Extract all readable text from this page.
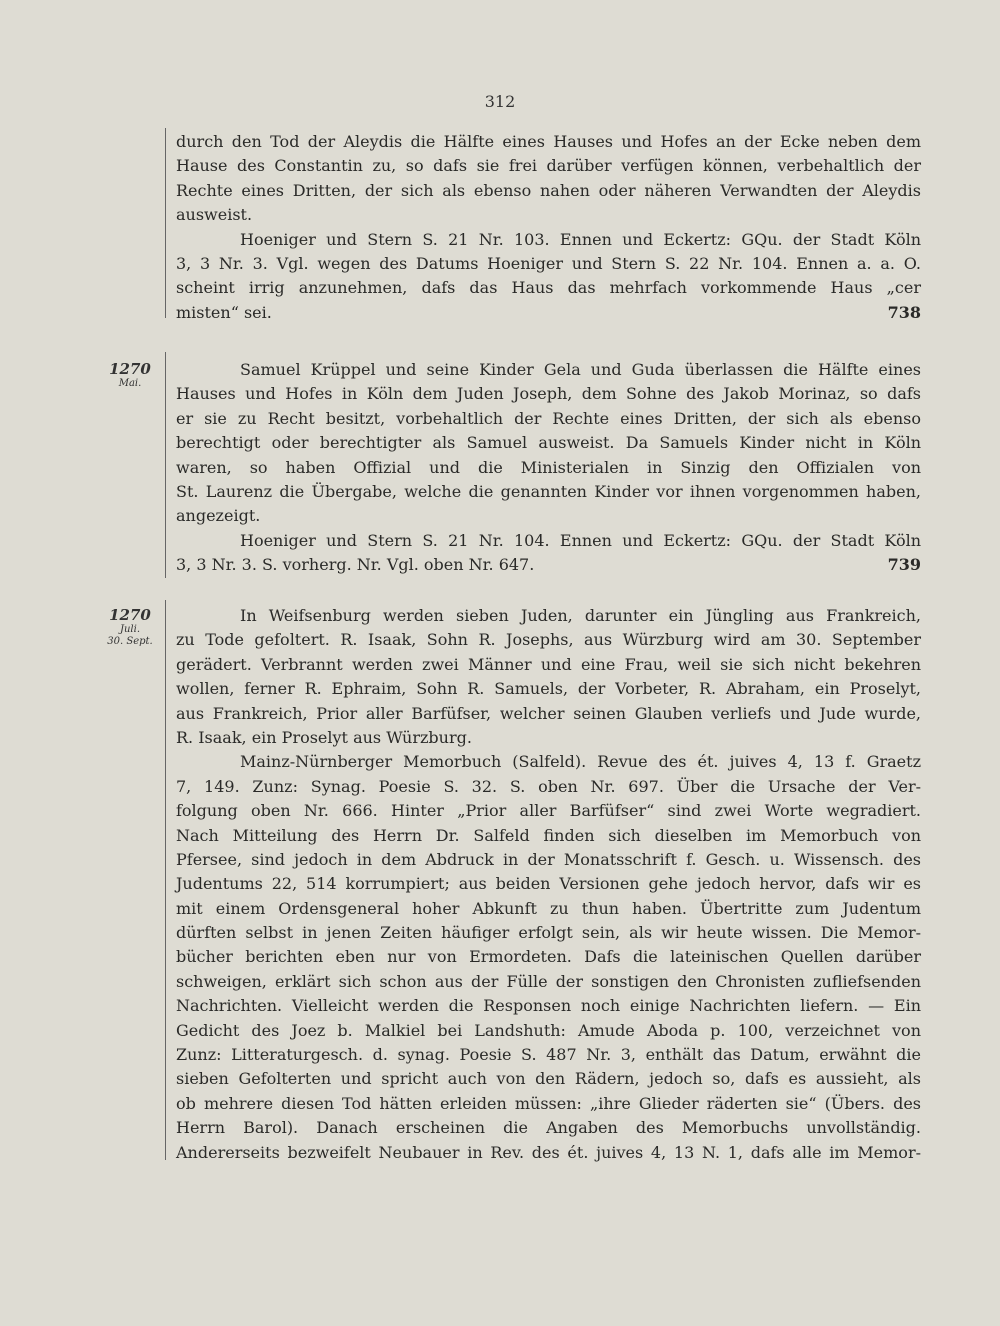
312
durch den Tod der Aleydis die Hälfte eines Hauses und Hofes an der Ecke neben dem
Hause des Constantin zu, so dafs sie frei darüber verfügen können, verbehaltlich der
Rechte eines Dritten, der sich als ebenso nahen oder näheren Verwandten der Aleydis
ausweist.
Hoeniger und Stern S. 21 Nr. 103. Ennen und Eckertz: GQu. der Stadt Köln
3, 3 Nr. 3. Vgl. wegen des Datums Hoeniger und Stern S. 22 Nr. 104. Ennen a. a. O.
scheint irrig anzunehmen, dafs das Haus das mehrfach vorkommende Haus „cer
misten“ sei.	738
1270
Mai.
Samuel Krüppel und seine Kinder Gela und Guda überlassen die Hälfte eines
Hauses und Hofes in Köln dem Juden Joseph, dem Sohne des Jakob Morinaz, so dafs
er sie zu Recht besitzt, vorbehaltlich der Rechte eines Dritten, der sich als ebenso
berechtigt oder berechtigter als Samuel ausweist. Da Samuels Kinder nicht in Köln
waren, so haben Offizial und die Ministerialen in Sinzig den Offizialen von
St. Laurenz die Übergabe, welche die genannten Kinder vor ihnen vorgenommen haben,
angezeigt.
Hoeniger und Stern S. 21 Nr. 104. Ennen und Eckertz: GQu. der Stadt Köln
3, 3 Nr. 3. S. vorherg. Nr. Vgl. oben Nr. 647.	739
1270
Juli.
30. Sept.
In Weifsenburg werden sieben Juden, darunter ein Jüngling aus Frankreich,
zu Tode gefoltert. R. Isaak, Sohn R. Josephs, aus Würzburg wird am 30. September
gerädert. Verbrannt werden zwei Männer und eine Frau, weil sie sich nicht bekehren
wollen, ferner R. Ephraim, Sohn R. Samuels, der Vorbeter, R. Abraham, ein Proselyt,
aus Frankreich, Prior aller Barfüfser, welcher seinen Glauben verliefs und Jude wurde,
R. Isaak, ein Proselyt aus Würzburg.
Mainz-Nürnberger Memorbuch (Salfeld). Revue des ét. juives 4, 13 f. Graetz
7, 149. Zunz: Synag. Poesie S. 32. S. oben Nr. 697. Über die Ursache der Ver-
folgung oben Nr. 666. Hinter „Prior aller Barfüfser“ sind zwei Worte wegradiert.
Nach Mitteilung des Herrn Dr. Salfeld finden sich dieselben im Memorbuch von
Pfersee, sind jedoch in dem Abdruck in der Monatsschrift f. Gesch. u. Wissensch. des
Judentums 22, 514 korrumpiert; aus beiden Versionen gehe jedoch hervor, dafs wir es
mit einem Ordensgeneral hoher Abkunft zu thun haben. Übertritte zum Judentum
dürften selbst in jenen Zeiten häufiger erfolgt sein, als wir heute wissen. Die Memor-
bücher berichten eben nur von Ermordeten. Dafs die lateinischen Quellen darüber
schweigen, erklärt sich schon aus der Fülle der sonstigen den Chronisten zufliefsenden
Nachrichten. Vielleicht werden die Responsen noch einige Nachrichten liefern. — Ein
Gedicht des Joez b. Malkiel bei Landshuth: Amude Aboda p. 100, verzeichnet von
Zunz: Litteraturgesch. d. synag. Poesie S. 487 Nr. 3, enthält das Datum, erwähnt die
sieben Gefolterten und spricht auch von den Rädern, jedoch so, dafs es aussieht, als
ob mehrere diesen Tod hätten erleiden müssen: „ihre Glieder räderten sie“ (Übers. des
Herrn Barol). Danach erscheinen die Angaben des Memorbuchs unvollständig.
Andererseits bezweifelt Neubauer in Rev. des ét. juives 4, 13 N. 1, dafs alle im Memor-
